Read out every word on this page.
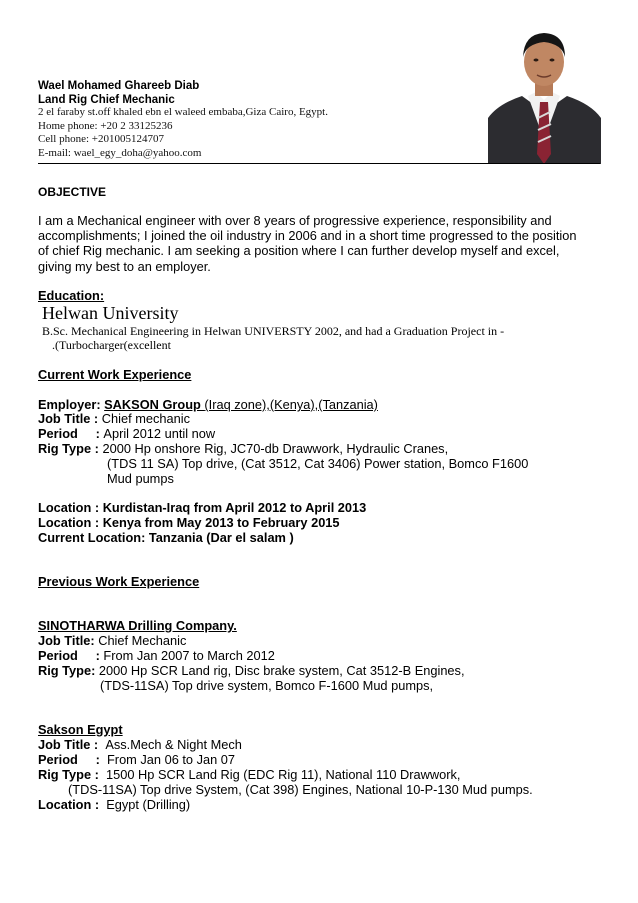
Wael Mohamed Ghareeb Diab
Land Rig Chief Mechanic
2 el faraby st.off khaled ebn el waleed embaba,Giza Cairo, Egypt.
Home phone: +20 2 33125236
Cell phone: +201005124707
E-mail: wael_egy_doha@yahoo.com
OBJECTIVE

I am a Mechanical engineer with over 8 years of progressive experience, responsibility and

accomplishments; I joined the oil industry in 2006 and in a short time progressed to the position

of chief Rig mechanic. I am seeking a position where I can further develop myself and excel,

giving my best to an employer.

Education:
Helwan University
B.Sc. Mechanical Engineering in Helwan UNIVERSTY 2002, and had a Graduation Project in -
.(Turbocharger(excellent
Current Work Experience
Employer: SAKSON Group (Iraq zone),(Kenya),(Tanzania)
Job Title : Chief mechanic
Period     : April 2012 until now
Rig Type : 2000 Hp onshore Rig, JC70-db Drawwork, Hydraulic Cranes,
(TDS 11 SA) Top drive, (Cat 3512, Cat 3406) Power station, Bomco F1600
Mud pumps
Location : Kurdistan-Iraq from April 2012 to April 2013
Location : Kenya from May 2013 to February 2015
Current Location: Tanzania (Dar el salam )
Previous Work Experience
SINOTHARWA Drilling Company.
Job Title: Chief Mechanic
Period     : From Jan 2007 to March 2012
Rig Type: 2000 Hp SCR Land rig, Disc brake system, Cat 3512-B Engines,
(TDS-11SA) Top drive system, Bomco F-1600 Mud pumps,
Sakson Egypt
Job Title :  Ass.Mech & Night Mech
Period     :  From Jan 06 to Jan 07
Rig Type :  1500 Hp SCR Land Rig (EDC Rig 11), National 110 Drawwork,
(TDS-11SA) Top drive System, (Cat 398) Engines, National 10-P-130 Mud pumps.
Location :  Egypt (Drilling)
